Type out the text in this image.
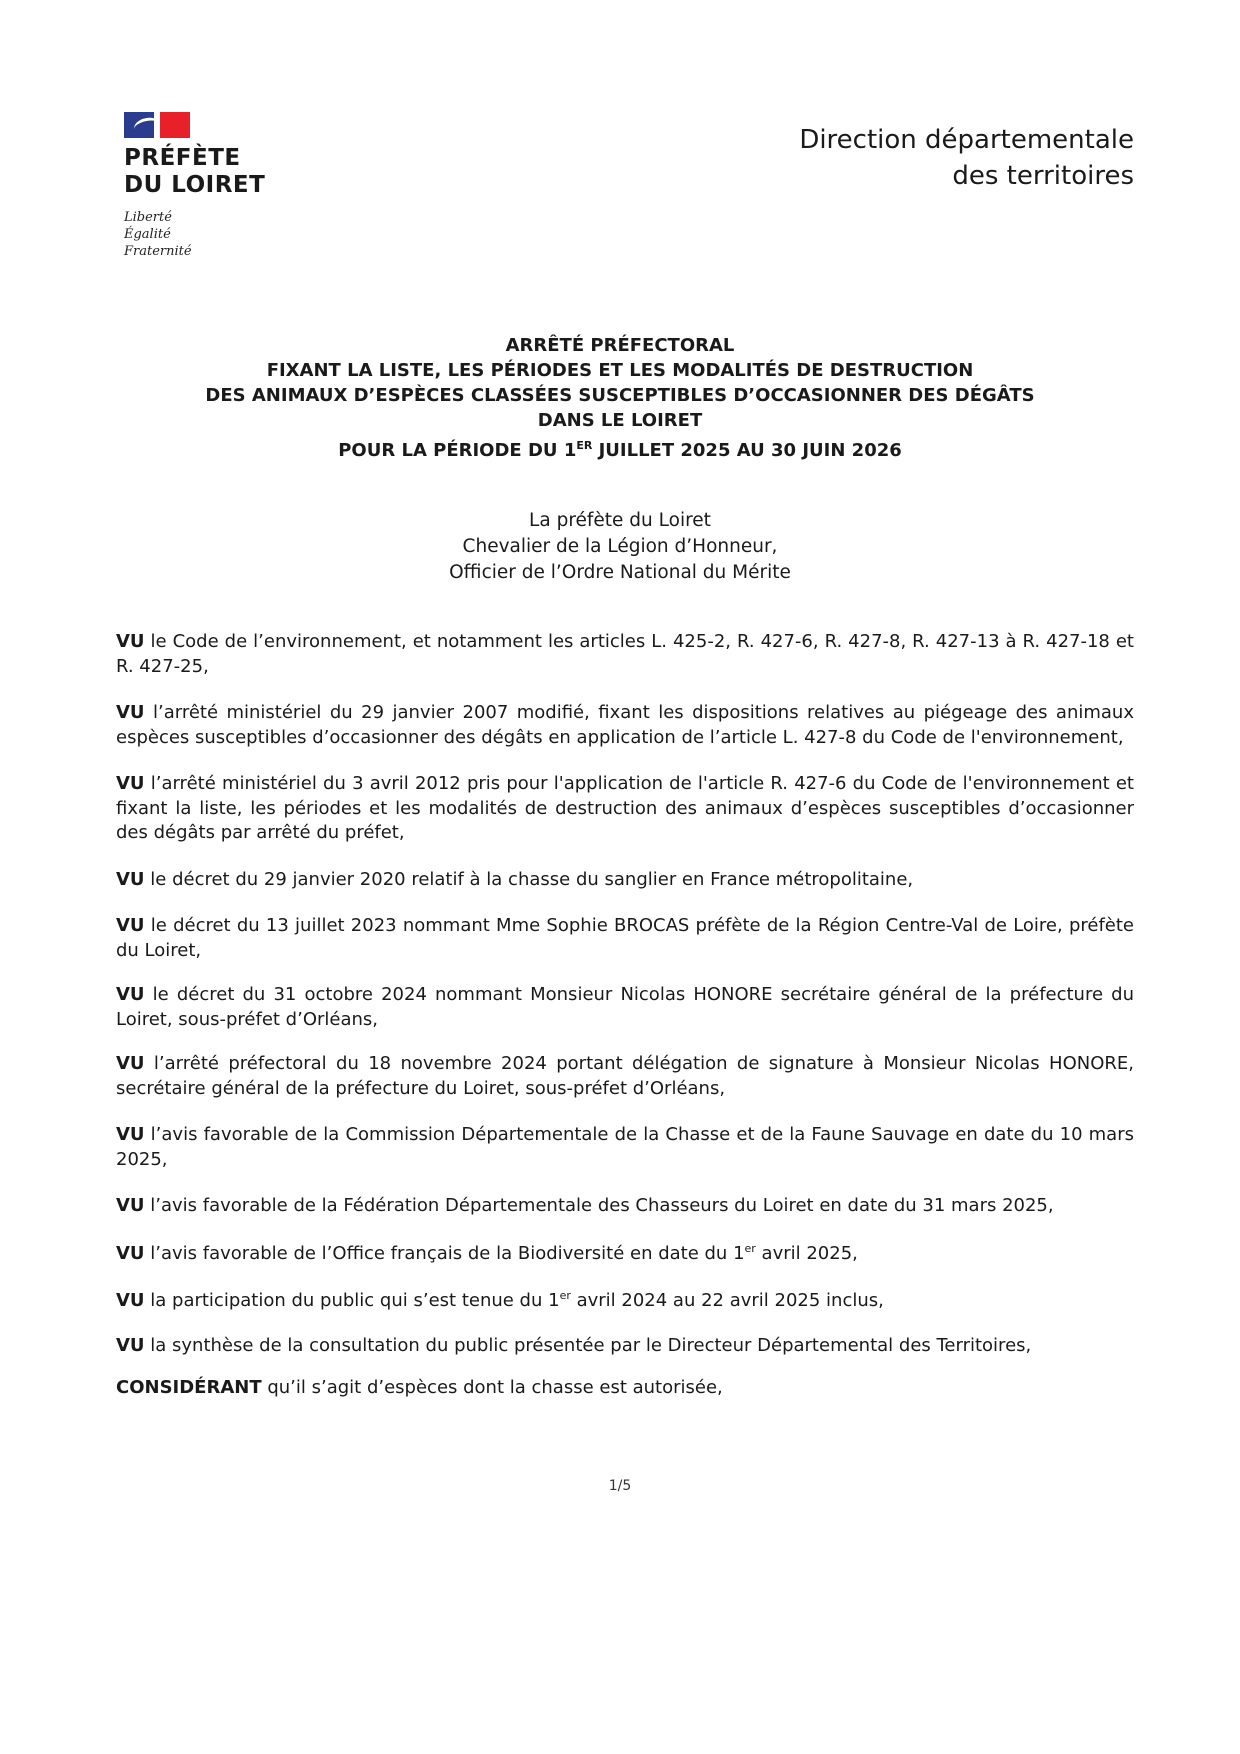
PRÉFÈTE
DU LOIRET
Liberté
Égalité
Fraternité
Direction départementale
des territoires
ARRÊTÉ PRÉFECTORAL
FIXANT LA LISTE, LES PÉRIODES ET LES MODALITÉS DE DESTRUCTION
DES ANIMAUX D’ESPÈCES CLASSÉES SUSCEPTIBLES D’OCCASIONNER DES DÉGÂTS
DANS LE LOIRET
POUR LA PÉRIODE DU 1ER JUILLET 2025 AU 30 JUIN 2026
La préfète du Loiret
Chevalier de la Légion d’Honneur,
Officier de l’Ordre National du Mérite

VU le Code de l’environnement, et notamment les articles L. 425-2, R. 427-6, R. 427-8, R. 427-13 à R. 427-18 et R. 427-25,

VU l’arrêté ministériel du 29 janvier 2007 modifié, fixant les dispositions relatives au piégeage des animaux espèces susceptibles d’occasionner des dégâts en application de l’article L. 427-8 du Code de l'environnement,

VU l’arrêté ministériel du 3 avril 2012 pris pour l'application de l'article R. 427-6 du Code de l'environnement et fixant la liste, les périodes et les modalités de destruction des animaux d’espèces susceptibles d’occasionner des dégâts par arrêté du préfet,

VU le décret du 29 janvier 2020 relatif à la chasse du sanglier en France métropolitaine,

VU le décret du 13 juillet 2023 nommant Mme Sophie BROCAS préfète de la Région Centre-Val de Loire, préfète du Loiret,

VU le décret du 31 octobre 2024 nommant Monsieur Nicolas HONORE secrétaire général de la préfecture du Loiret, sous-préfet d’Orléans,

VU l’arrêté préfectoral du 18 novembre 2024 portant délégation de signature à Monsieur Nicolas HONORE, secrétaire général de la préfecture du Loiret, sous-préfet d’Orléans,

VU l’avis favorable de la Commission Départementale de la Chasse et de la Faune Sauvage en date du 10 mars 2025,

VU l’avis favorable de la Fédération Départementale des Chasseurs du Loiret en date du 31 mars 2025,

VU l’avis favorable de l’Office français de la Biodiversité en date du 1er avril 2025,

VU la participation du public qui s’est tenue du 1er avril 2024 au 22 avril 2025 inclus,

VU la synthèse de la consultation du public présentée par le Directeur Départemental des Territoires,

CONSIDÉRANT qu’il s’agit d’espèces dont la chasse est autorisée,

1/5
